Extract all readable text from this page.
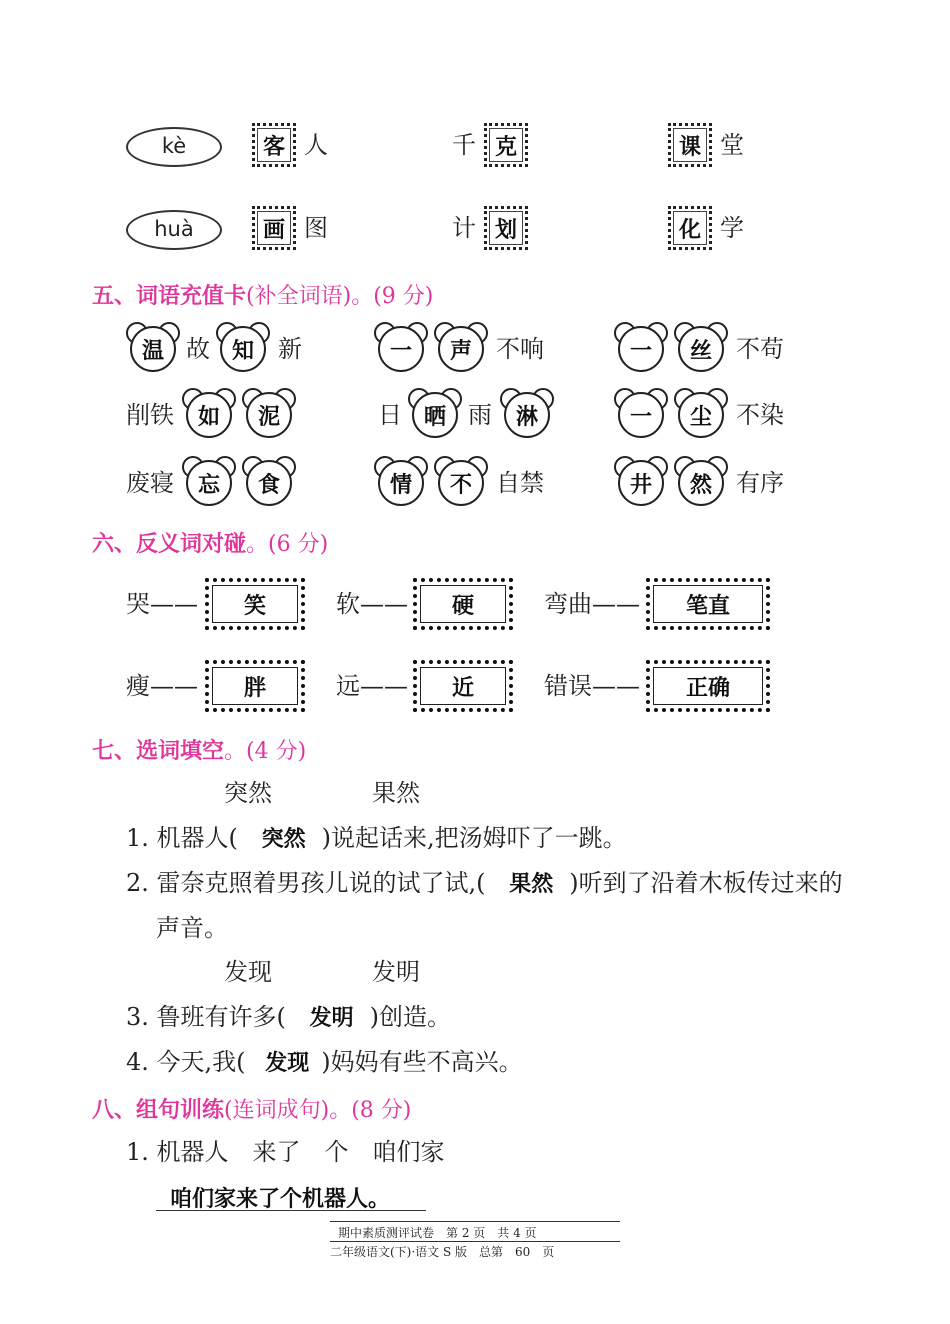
kè	客 人	千 克	课 堂
huà	画 图	计 划	化 学
五、词语充值卡(补全词语)。(9 分)
温 故 知 新	一 声 不响	一 丝 不苟
削铁 如 泥	日 晒 雨 淋	一 尘 不染
废寝 忘 食	情 不 自禁	井 然 有序
六、反义词对碰。(6 分)
哭—— 笑	软—— 硬	弯曲—— 笔直
瘦—— 胖	远—— 近	错误—— 正确
七、选词填空。(4 分)
突然	果然
1. 机器人( 突然 )说起话来,把汤姆吓了一跳。
2. 雷奈克照着男孩儿说的试了试,( 果然 )听到了沿着木板传过来的
声音。
发现	发明
3. 鲁班有许多( 发明 )创造。
4. 今天,我( 发现 )妈妈有些不高兴。
八、组句训练(连词成句)。(8 分)
1. 机器人　来了　个　咱们家
咱们家来了个机器人。
期中素质测评试卷　第 2 页　共 4 页
二年级语文(下)·语文 S 版　总第　60　页
